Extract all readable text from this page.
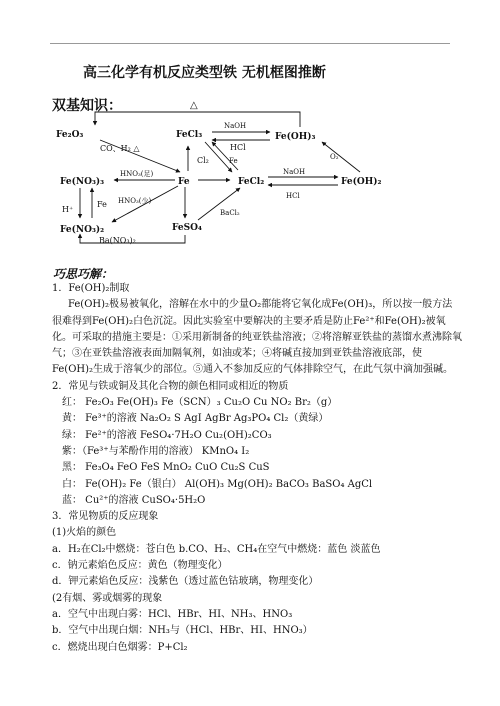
高三化学有机反应类型铁 无机框图推断
双基知识：
Fe₂O₃	FeCl₃	Fe(OH)₃
Fe(NO₃)₃	Fe	FeCl₂	Fe(OH)₂
Fe(NO₃)₂	FeSO₄
Ba(NO₃)₂
△
CO、H₂ △
NaOH
HCl
Cl₂	Fe	O₂
NaOH
HCl
HNO₃(足)
H⁺
Fe HNO₃(少)
BaCl₂
巧思巧解：
1．Fe(OH)₂制取
Fe(OH)₂极易被氧化，溶解在水中的少量O₂都能将它氧化成Fe(OH)₃，所以按一般方法很难得到Fe(OH)₂白色沉淀。因此实验室中要解决的主要矛盾是防止Fe²⁺和Fe(OH)₂被氧化。可采取的措施主要是：①采用新制备的纯亚铁盐溶液；②将溶解亚铁盐的蒸馏水煮沸除氧气；③在亚铁盐溶液表面加隔氧剂，如油或苯；④将碱直接加到亚铁盐溶液底部，使Fe(OH)₂生成于溶氧少的部位。⑤通入不参加反应的气体排除空气，在此气氛中滴加强碱。
2．常见与铁或铜及其化合物的颜色相同或相近的物质
红： Fe₂O₃ Fe(OH)₃ Fe（SCN）₃ Cu₂O Cu NO₂ Br₂（g）
黄： Fe³⁺的溶液 Na₂O₂ S AgI AgBr Ag₃PO₄ Cl₂（黄绿）
绿： Fe²⁺的溶液 FeSO₄·7H₂O Cu₂(OH)₂CO₃
紫：（Fe³⁺与苯酚作用的溶液） KMnO₄ I₂
黑： Fe₃O₄ FeO FeS MnO₂ CuO Cu₂S CuS
白： Fe(OH)₂ Fe（银白） Al(OH)₃ Mg(OH)₂ BaCO₃ BaSO₄ AgCl
蓝： Cu²⁺的溶液 CuSO₄·5H₂O
3．常见物质的反应现象
(1)火焰的颜色
a．H₂在Cl₂中燃烧：苍白色 b.CO、H₂、CH₄在空气中燃烧：蓝色 淡蓝色
c．钠元素焰色反应：黄色（物理变化）
d．钾元素焰色反应：浅紫色（透过蓝色钴玻璃，物理变化）
(2有烟、雾或烟雾的现象
a．空气中出现白雾：HCl、HBr、HI、NH₃、HNO₃
b．空气中出现白烟：NH₃与（HCl、HBr、HI、HNO₃）
c．燃烧出现白色烟雾：P+Cl₂
